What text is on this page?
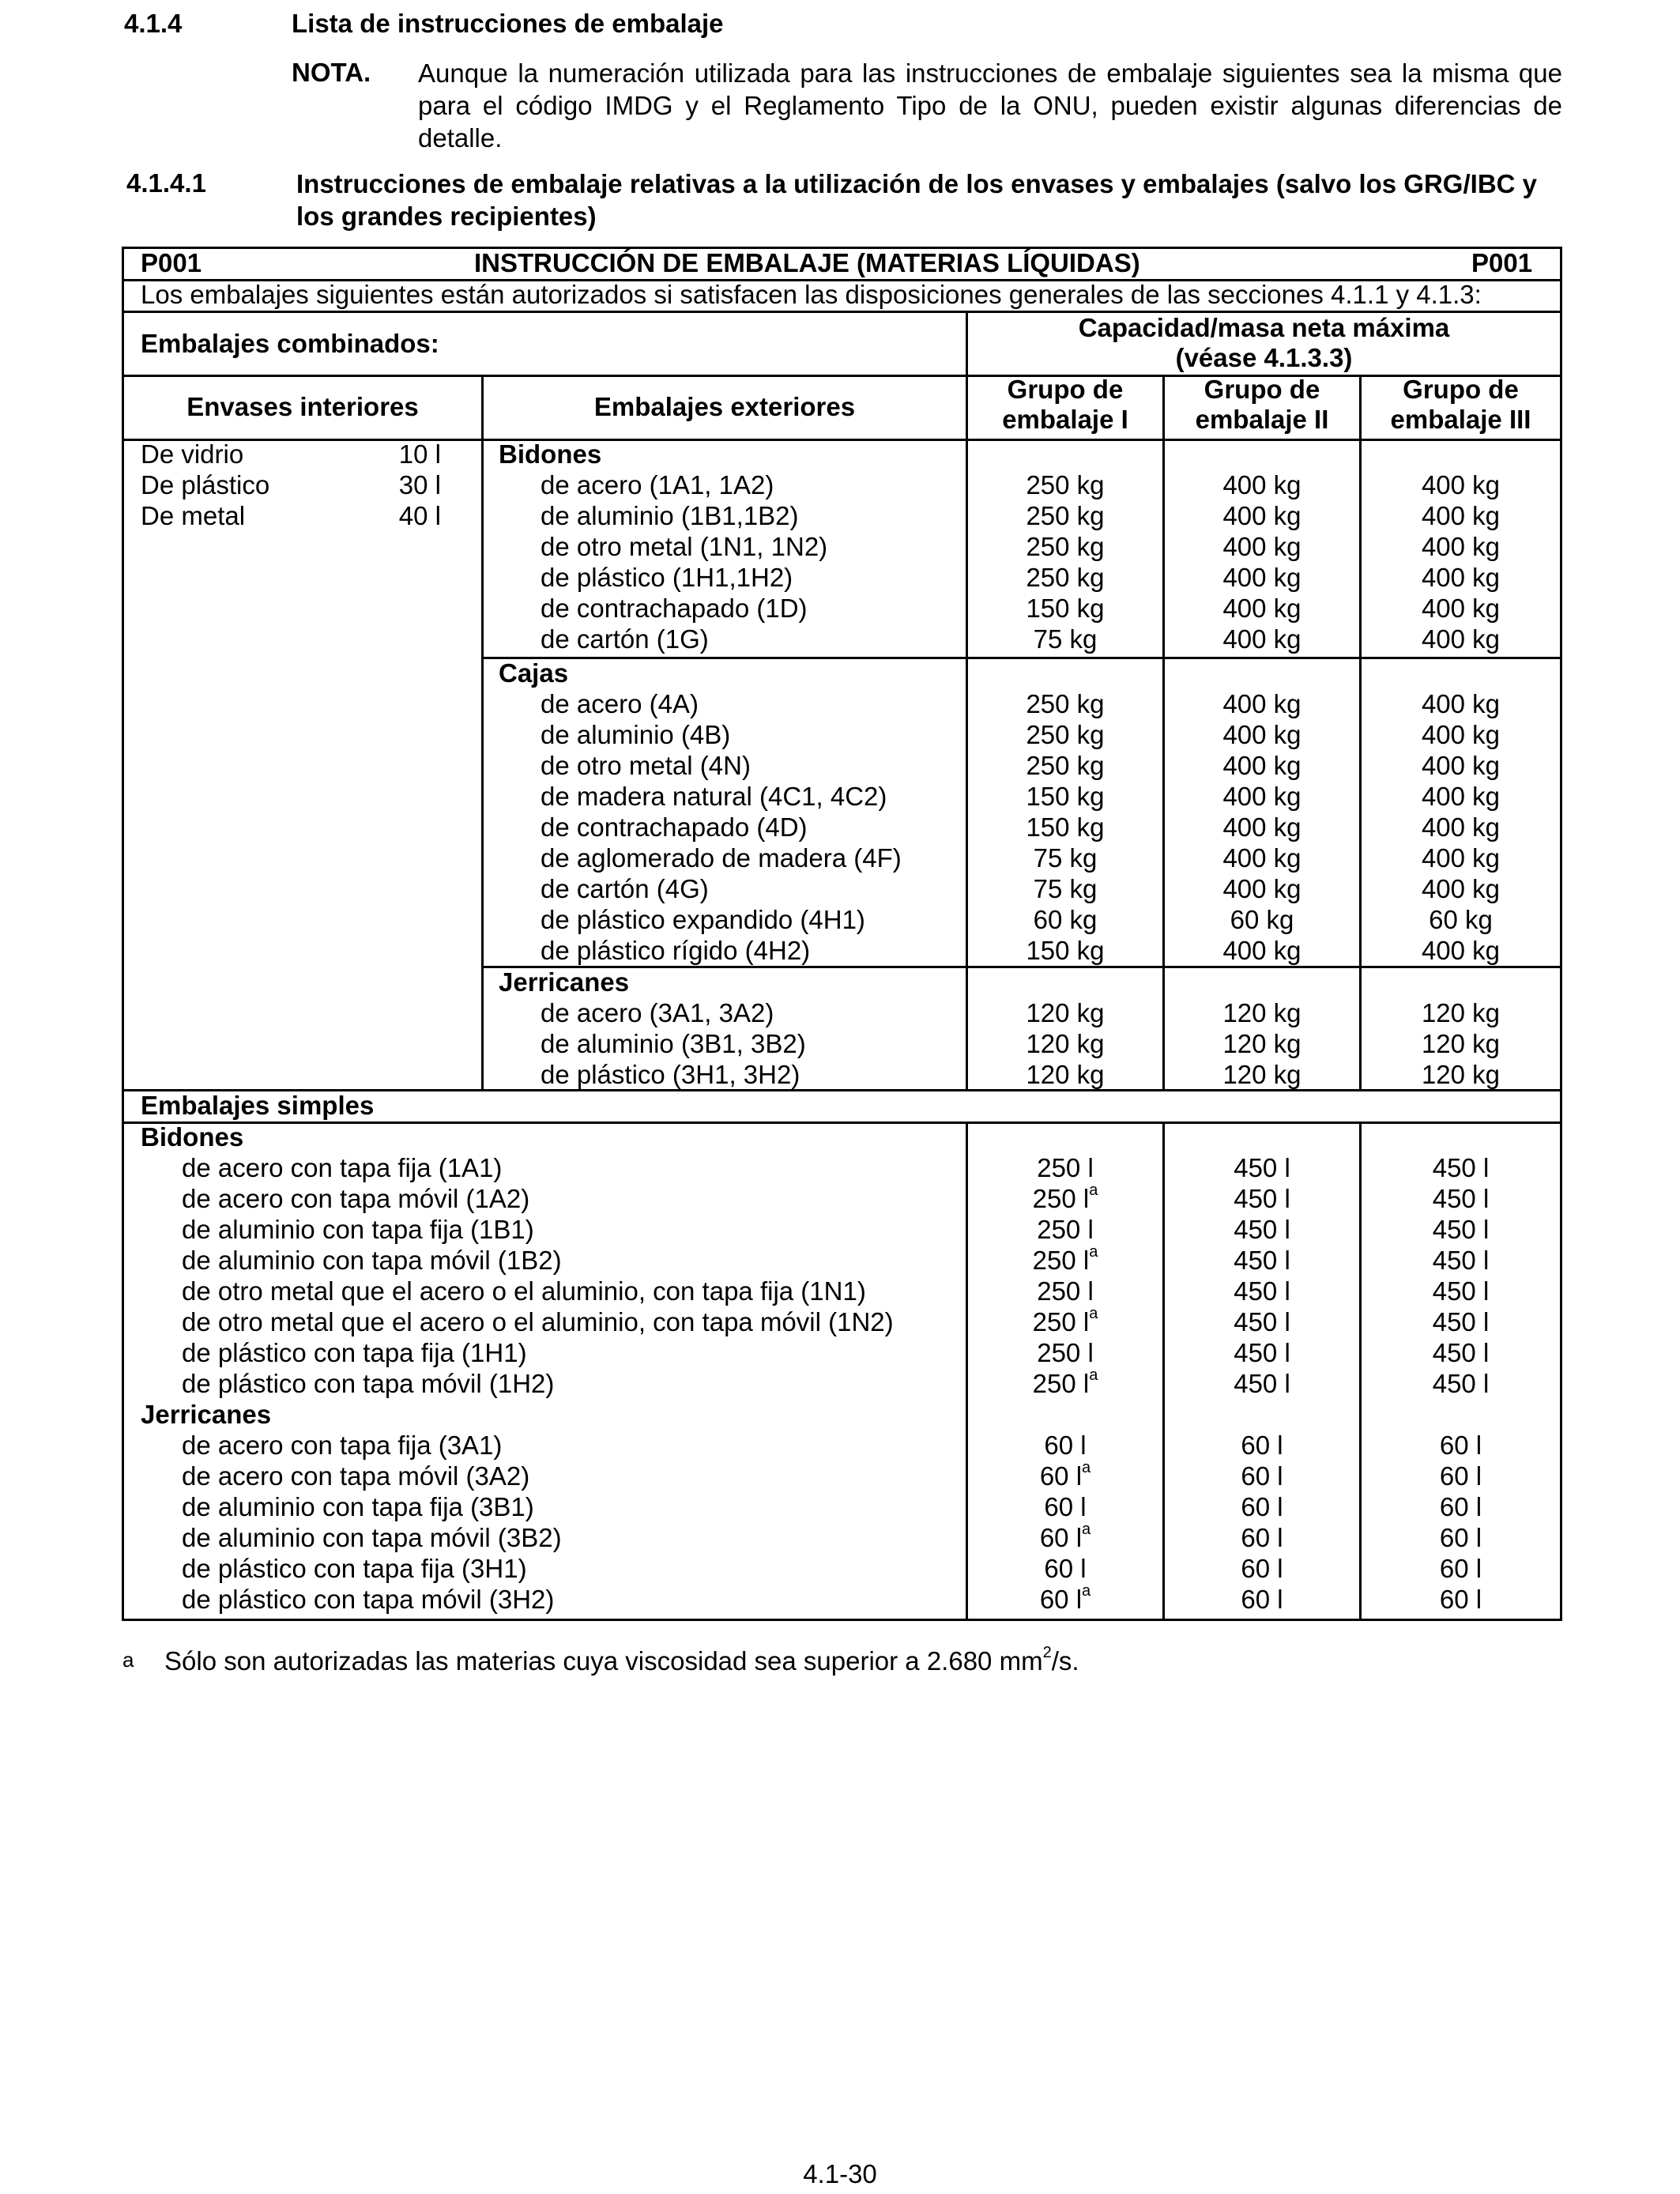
4.1.4	Lista de instrucciones de embalaje
NOTA. Aunque la numeración utilizada para las instrucciones de embalaje siguientes sea la misma que para el código IMDG y el Reglamento Tipo de la ONU, pueden existir algunas diferencias de detalle.
4.1.4.1	Instrucciones de embalaje relativas a la utilización de los envases y embalajes (salvo los GRG/IBC y los grandes recipientes)
P001	INSTRUCCIÓN DE EMBALAJE (MATERIAS LÍQUIDAS)	P001
Los embalajes siguientes están autorizados si satisfacen las disposiciones generales de las secciones 4.1.1 y 4.1.3:
Embalajes combinados:
Capacidad/masa neta máxima
(véase 4.1.3.3)
Envases interiores	Embalajes exteriores
Grupo de
embalaje I
Grupo de
embalaje II
Grupo de
embalaje III
De vidrio	10 l
De plástico	30 l
De metal	40 l
Bidones
de acero (1A1, 1A2)	250 kg	400 kg	400 kg
de aluminio (1B1,1B2)	250 kg	400 kg	400 kg
de otro metal (1N1, 1N2)	250 kg	400 kg	400 kg
de plástico (1H1,1H2)	250 kg	400 kg	400 kg
de contrachapado (1D)	150 kg	400 kg	400 kg
de cartón (1G)	75 kg	400 kg	400 kg
Cajas
de acero (4A)	250 kg	400 kg	400 kg
de aluminio (4B)	250 kg	400 kg	400 kg
de otro metal (4N)	250 kg	400 kg	400 kg
de madera natural (4C1, 4C2)	150 kg	400 kg	400 kg
de contrachapado (4D)	150 kg	400 kg	400 kg
de aglomerado de madera (4F)	75 kg	400 kg	400 kg
de cartón (4G)	75 kg	400 kg	400 kg
de plástico expandido (4H1)	60 kg	60 kg	60 kg
de plástico rígido (4H2)	150 kg	400 kg	400 kg
Jerricanes
de acero (3A1, 3A2)	120 kg	120 kg	120 kg
de aluminio (3B1, 3B2)	120 kg	120 kg	120 kg
de plástico (3H1, 3H2)	120 kg	120 kg	120 kg
Embalajes simples
Bidones
de acero con tapa fija (1A1)	250 l	450 l	450 l
de acero con tapa móvil (1A2)	250 $l^a$	450 l	450 l
de aluminio con tapa fija (1B1)	250 l	450 l	450 l
de aluminio con tapa móvil (1B2)	250 $l^a$	450 l	450 l
de otro metal que el acero o el aluminio, con tapa fija (1N1)	250 l	450 l	450 l
de otro metal que el acero o el aluminio, con tapa móvil (1N2)	250 $l^a$	450 l	450 l
de plástico con tapa fija (1H1)	250 l	450 l	450 l
de plástico con tapa móvil (1H2)	250 $l^a$	450 l	450 l
Jerricanes
de acero con tapa fija (3A1)	60 l	60 l	60 l
de acero con tapa móvil (3A2)	60 $l^a$	60 l	60 l
de aluminio con tapa fija (3B1)	60 l	60 l	60 l
de aluminio con tapa móvil (3B2)	60 $l^a$	60 l	60 l
de plástico con tapa fija (3H1)	60 l	60 l	60 l
de plástico con tapa móvil (3H2)	60 $l^a$	60 l	60 l
a Sólo son autorizadas las materias cuya viscosidad sea superior a 2.680 $mm^2/s$.
4.1-30
